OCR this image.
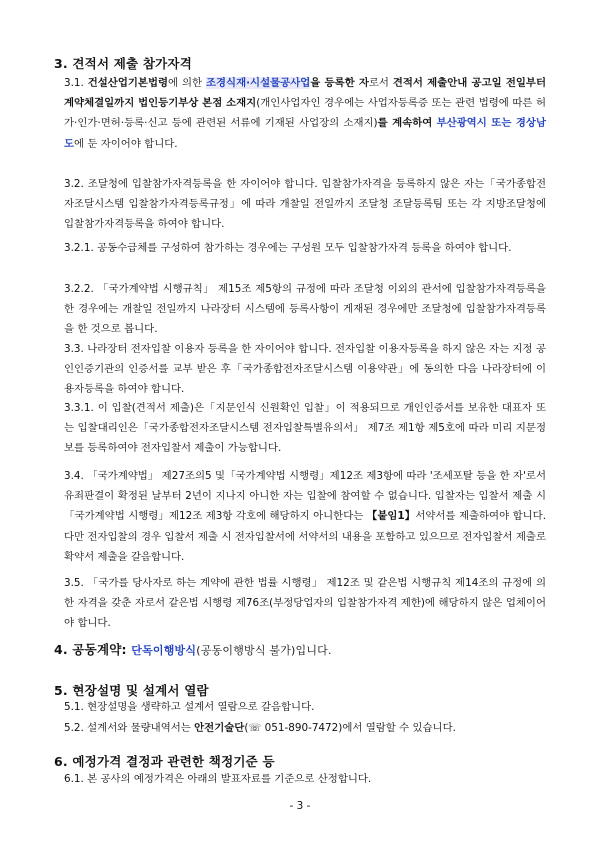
3. 견적서 제출 참가자격
3.1. 건설산업기본법령에 의한 조경식재·시설물공사업을 등록한 자로서 견적서 제출안내 공고일 전일부터 계약체결일까지 법인등기부상 본점 소재지(개인사업자인 경우에는 사업자등록증 또는 관련 법령에 따른 허가·인가·면허·등록·신고 등에 관련된 서류에 기재된 사업장의 소재지)를 계속하여 부산광역시 또는 경상남도에 둔 자이어야 합니다.
3.2. 조달청에 입찰참가자격등록을 한 자이어야 합니다. 입찰참가자격을 등록하지 않은 자는「국가종합전자조달시스템 입찰참가자격등록규정」에 따라 개찰일 전일까지 조달청 조달등록팀 또는 각 지방조달청에 입찰참가자격등록을 하여야 합니다.
3.2.1. 공동수급체를 구성하여 참가하는 경우에는 구성원 모두 입찰참가자격 등록을 하여야 합니다.
3.2.2. 「국가계약법 시행규칙」 제15조 제5항의 규정에 따라 조달청 이외의 관서에 입찰참가자격등록을 한 경우에는 개찰일 전일까지 나라장터 시스템에 등록사항이 게재된 경우에만 조달청에 입찰참가자격등록을 한 것으로 봅니다.
3.3. 나라장터 전자입찰 이용자 등록을 한 자이어야 합니다. 전자입찰 이용자등록을 하지 않은 자는 지정 공인인증기관의 인증서를 교부 받은 후「국가종합전자조달시스템 이용약관」에 동의한 다음 나라장터에 이용자등록을 하여야 합니다.
3.3.1. 이 입찰(견적서 제출)은「지문인식 신원확인 입찰」이 적용되므로 개인인증서를 보유한 대표자 또는 입찰대리인은「국가종합전자조달시스템 전자입찰특별유의서」 제7조 제1항 제5호에 따라 미리 지문정보를 등록하여야 전자입찰서 제출이 가능합니다.
3.4. 「국가계약법」 제27조의5 및「국가계약법 시행령」제12조 제3항에 따라 '조세포탈 등을 한 자'로서 유죄판결이 확정된 날부터 2년이 지나지 아니한 자는 입찰에 참여할 수 없습니다. 입찰자는 입찰서 제출 시「국가계약법 시행령」제12조 제3항 각호에 해당하지 아니한다는 【붙임1】서약서를 제출하여야 합니다. 다만 전자입찰의 경우 입찰서 제출 시 전자입찰서에 서약서의 내용을 포함하고 있으므로 전자입찰서 제출로 확약서 제출을 갈음합니다.
3.5. 「국가를 당사자로 하는 계약에 관한 법률 시행령」 제12조 및 같은법 시행규칙 제14조의 규정에 의한 자격을 갖춘 자로서 같은법 시행령 제76조(부정당업자의 입찰참가자격 제한)에 해당하지 않은 업체이어야 합니다.
4. 공동계약: 단독이행방식(공동이행방식 불가)입니다.
5. 현장설명 및 설계서 열람
5.1. 현장설명을 생략하고 설계서 열람으로 갈음합니다.
5.2. 설계서와 물량내역서는 안전기술단(☏ 051-890-7472)에서 열람할 수 있습니다.
6. 예정가격 결정과 관련한 책정기준 등
6.1. 본 공사의 예정가격은 아래의 발표자료를 기준으로 산정합니다.
- 3 -
